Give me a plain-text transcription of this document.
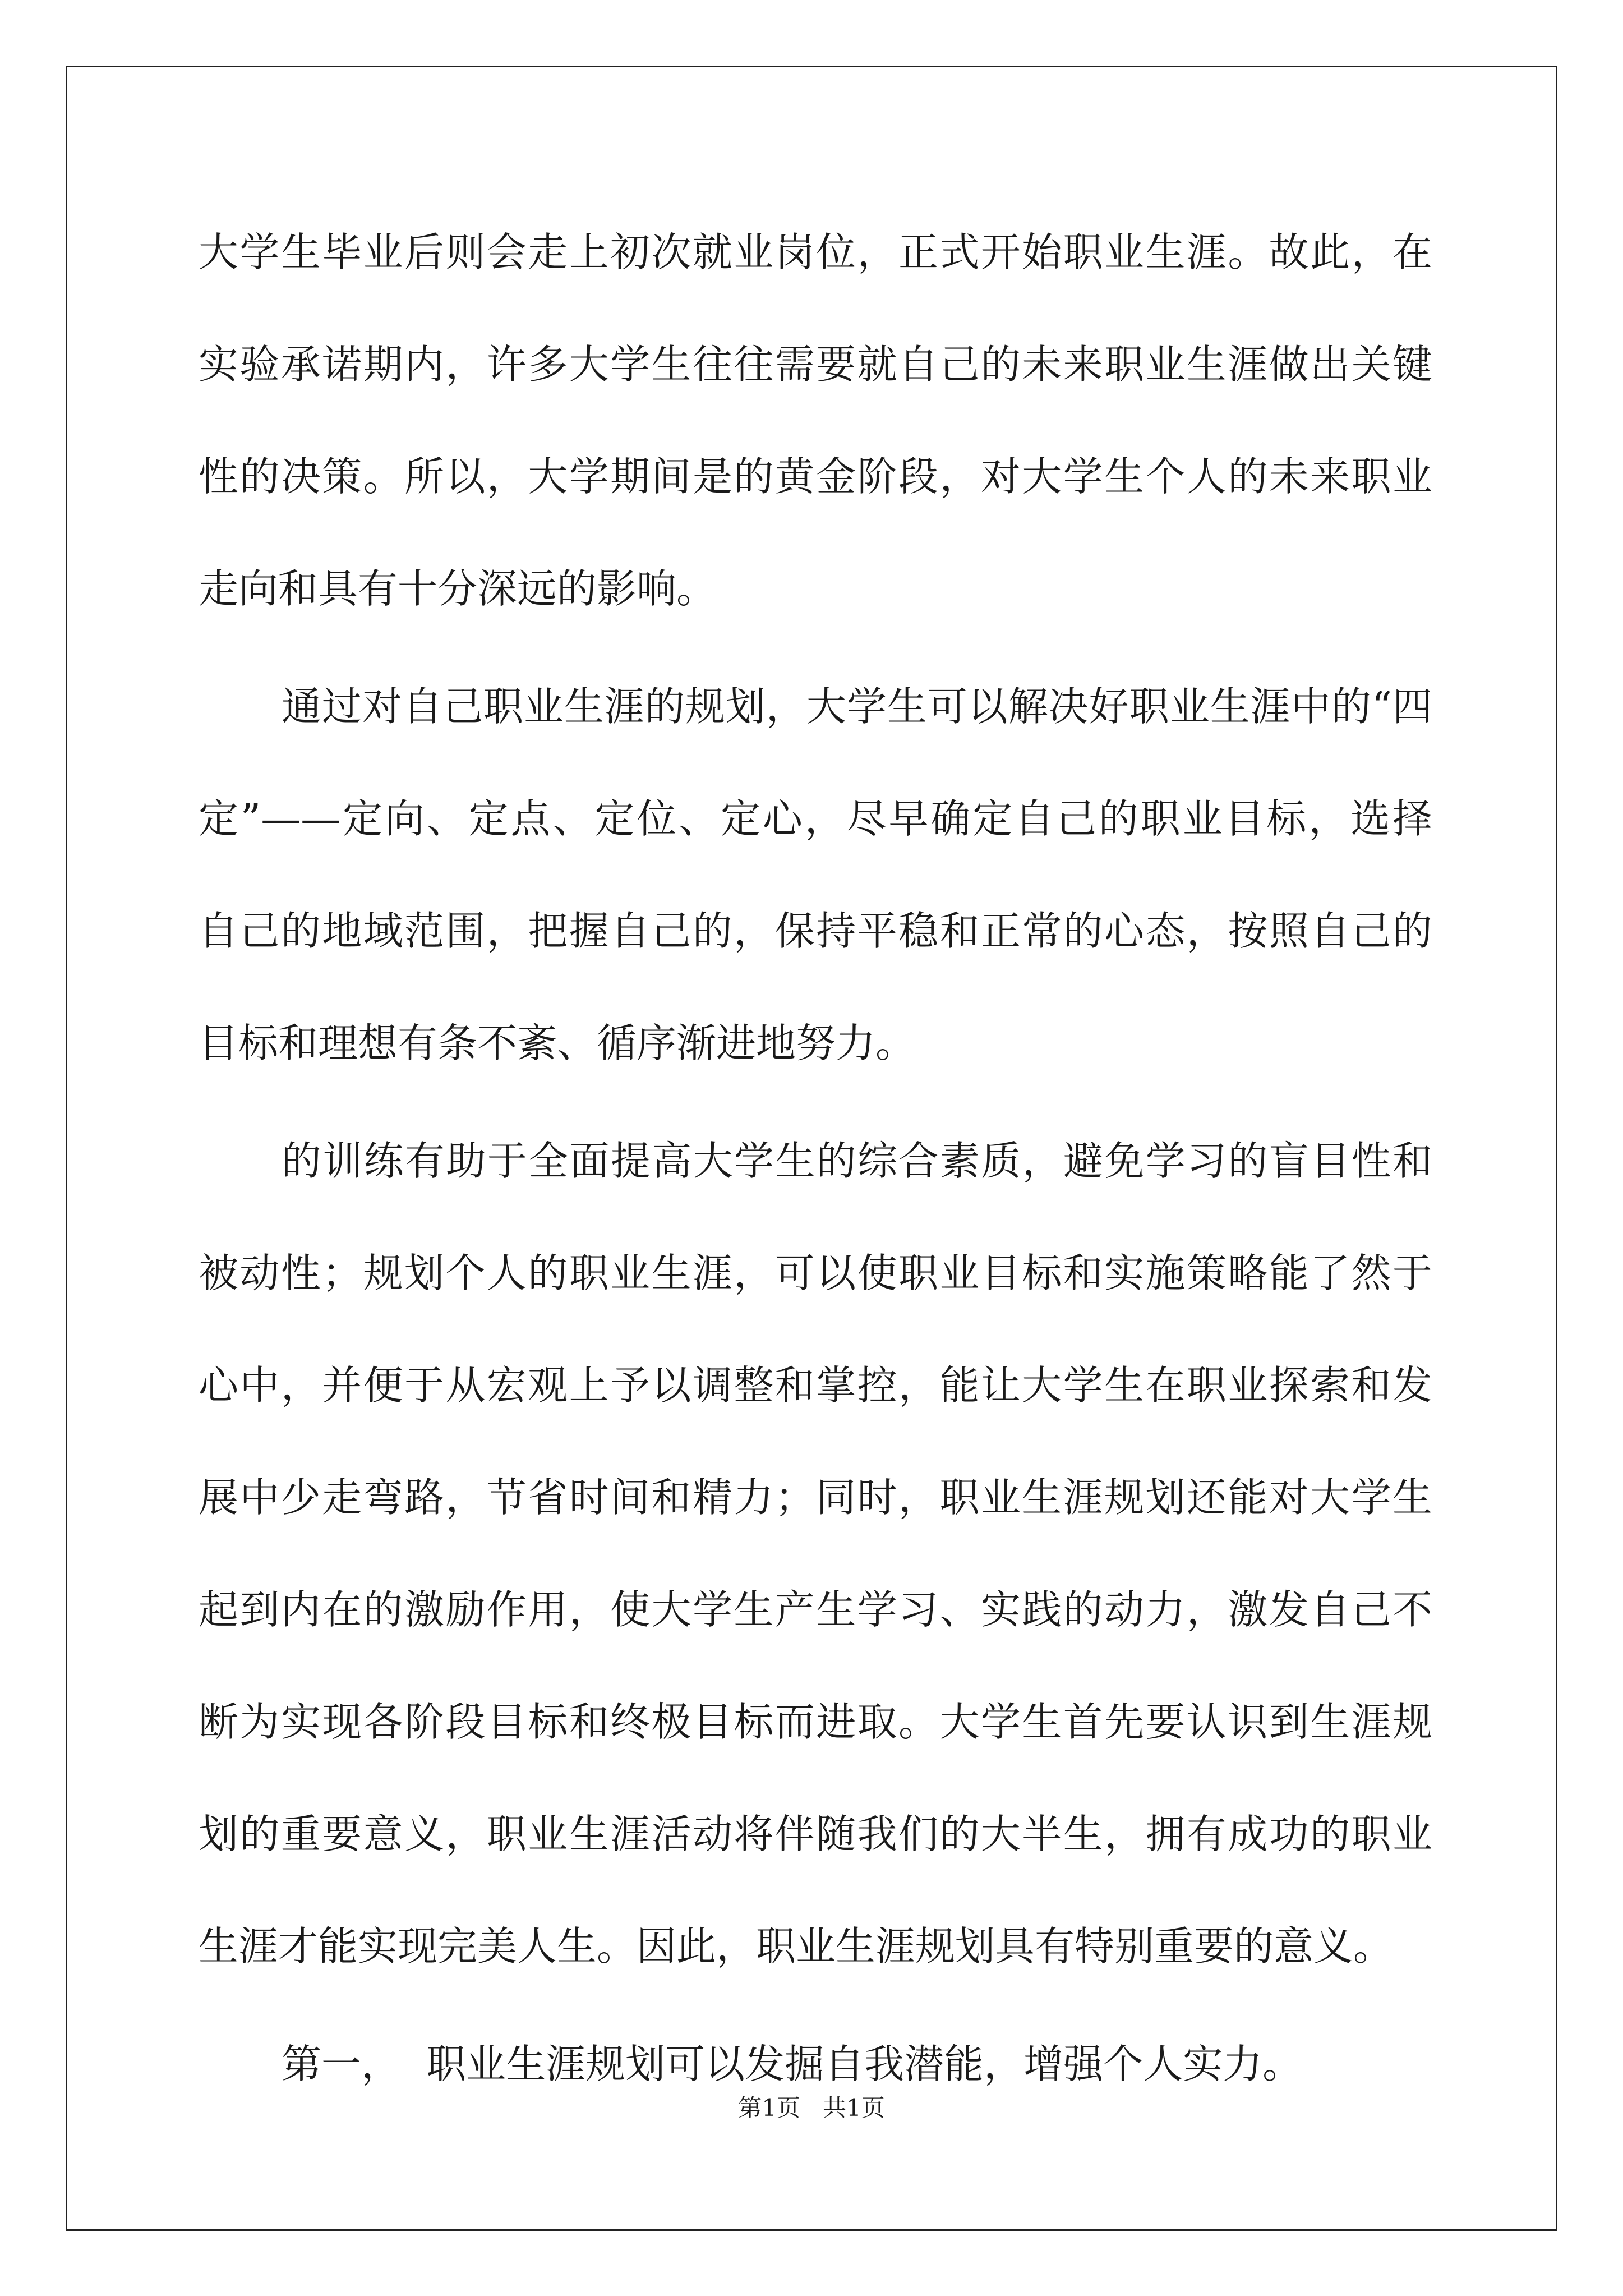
大学生毕业后则会走上初次就业岗位，正式开始职业生涯。故此，在
实验承诺期内，许多大学生往往需要就自己的未来职业生涯做出关键
性的决策。所以，大学期间是的黄金阶段，对大学生个人的未来职业
走向和具有十分深远的影响。
通过对自己职业生涯的规划，大学生可以解决好职业生涯中的“四
定”——定向、定点、定位、定心，尽早确定自己的职业目标，选择
自己的地域范围，把握自己的，保持平稳和正常的心态，按照自己的
目标和理想有条不紊、循序渐进地努力。
的训练有助于全面提高大学生的综合素质，避免学习的盲目性和
被动性；规划个人的职业生涯，可以使职业目标和实施策略能了然于
心中，并便于从宏观上予以调整和掌控，能让大学生在职业探索和发
展中少走弯路，节省时间和精力；同时，职业生涯规划还能对大学生
起到内在的激励作用，使大学生产生学习、实践的动力，激发自己不
断为实现各阶段目标和终极目标而进取。大学生首先要认识到生涯规
划的重要意义，职业生涯活动将伴随我们的大半生，拥有成功的职业
生涯才能实现完美人生。因此，职业生涯规划具有特别重要的意义。
第一，  职业生涯规划可以发掘自我潜能，增强个人实力。
第1页   共1页
